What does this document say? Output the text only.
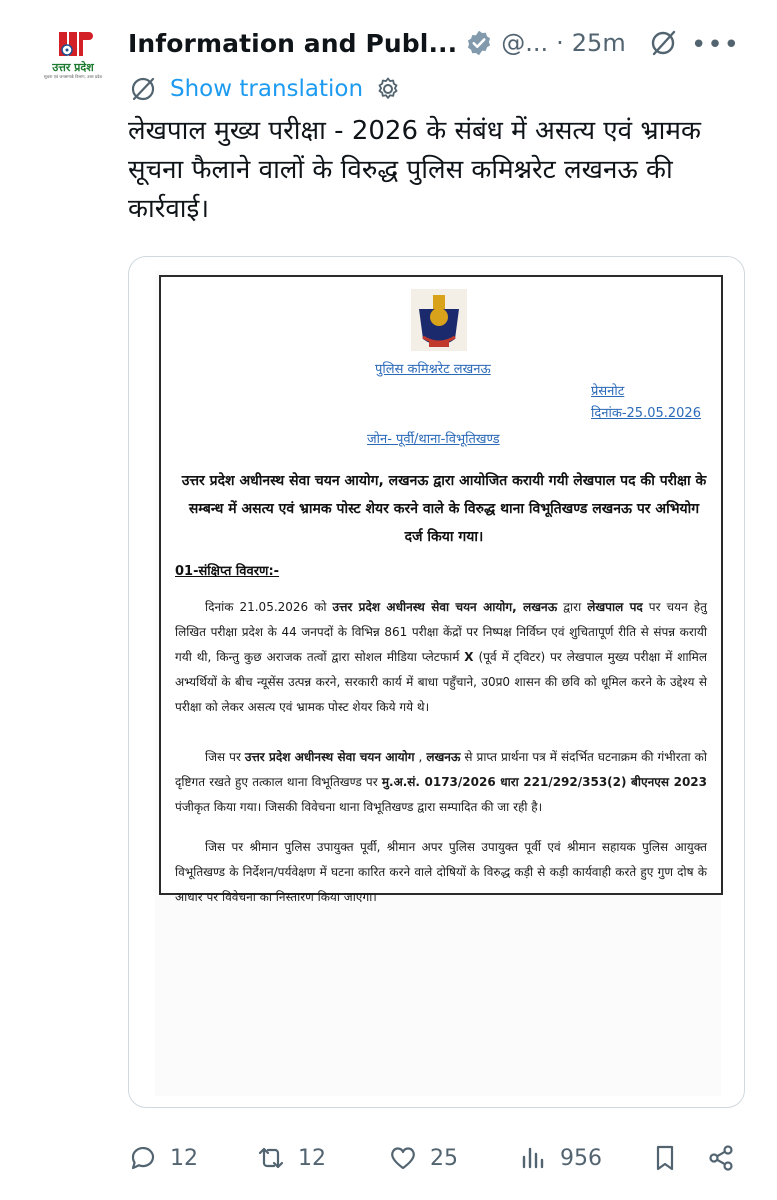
उत्तर प्रदेश
सूचना एवं जनसम्पर्क विभाग, उत्तर प्रदेश
Information and Publ... @... · 25m	•••
Show translation
लेखपाल मुख्य परीक्षा - 2026 के संबंध में असत्य एवं भ्रामक सूचना फैलाने वालों के विरुद्ध पुलिस कमिश्नरेट लखनऊ की कार्रवाई।
पुलिस कमिश्नरेट लखनऊ
प्रेसनोट
दिनांक-25.05.2026
जोन- पूर्वी/थाना-विभूतिखण्ड
उत्तर प्रदेश अधीनस्थ सेवा चयन आयोग, लखनऊ द्वारा आयोजित करायी गयी लेखपाल पद की परीक्षा के सम्बन्ध में असत्य एवं भ्रामक पोस्ट शेयर करने वाले के विरुद्ध थाना विभूतिखण्ड लखनऊ पर अभियोग दर्ज किया गया।
01-संक्षिप्त विवरण:-
दिनांक 21.05.2026 को उत्तर प्रदेश अधीनस्थ सेवा चयन आयोग, लखनऊ द्वारा लेखपाल पद पर चयन हेतु लिखित परीक्षा प्रदेश के 44 जनपदों के विभिन्न 861 परीक्षा केंद्रों पर निष्पक्ष निर्विघ्न एवं शुचितापूर्ण रीति से संपन्न करायी गयी थी, किन्तु कुछ अराजक तत्वों द्वारा सोशल मीडिया प्लेटफार्म X (पूर्व में ट्विटर) पर लेखपाल मुख्य परीक्षा में शामिल अभ्यर्थियों के बीच न्यूसेंस उत्पन्न करने, सरकारी कार्य में बाधा पहुँचाने, उ0प्र0 शासन की छवि को धूमिल करने के उद्देश्य से परीक्षा को लेकर असत्य एवं भ्रामक पोस्ट शेयर किये गये थे।
जिस पर उत्तर प्रदेश अधीनस्थ सेवा चयन आयोग , लखनऊ से प्राप्त प्रार्थना पत्र में संदर्भित घटनाक्रम की गंभीरता को दृष्टिगत रखते हुए तत्काल थाना विभूतिखण्ड पर मु.अ.सं. 0173/2026 धारा 221/292/353(2) बीएनएस 2023 पंजीकृत किया गया। जिसकी विवेचना थाना विभूतिखण्ड द्वारा सम्पादित की जा रही है।
जिस पर श्रीमान पुलिस उपायुक्त पूर्वी, श्रीमान अपर पुलिस उपायुक्त पूर्वी एवं श्रीमान सहायक पुलिस आयुक्त विभूतिखण्ड के निर्देशन/पर्यवेक्षण में घटना कारित करने वाले दोषियों के विरुद्ध कड़ी से कड़ी कार्यवाही करते हुए गुण दोष के आधार पर विवेचना का निस्तारण किया जाएगा।
12	12	25	956
